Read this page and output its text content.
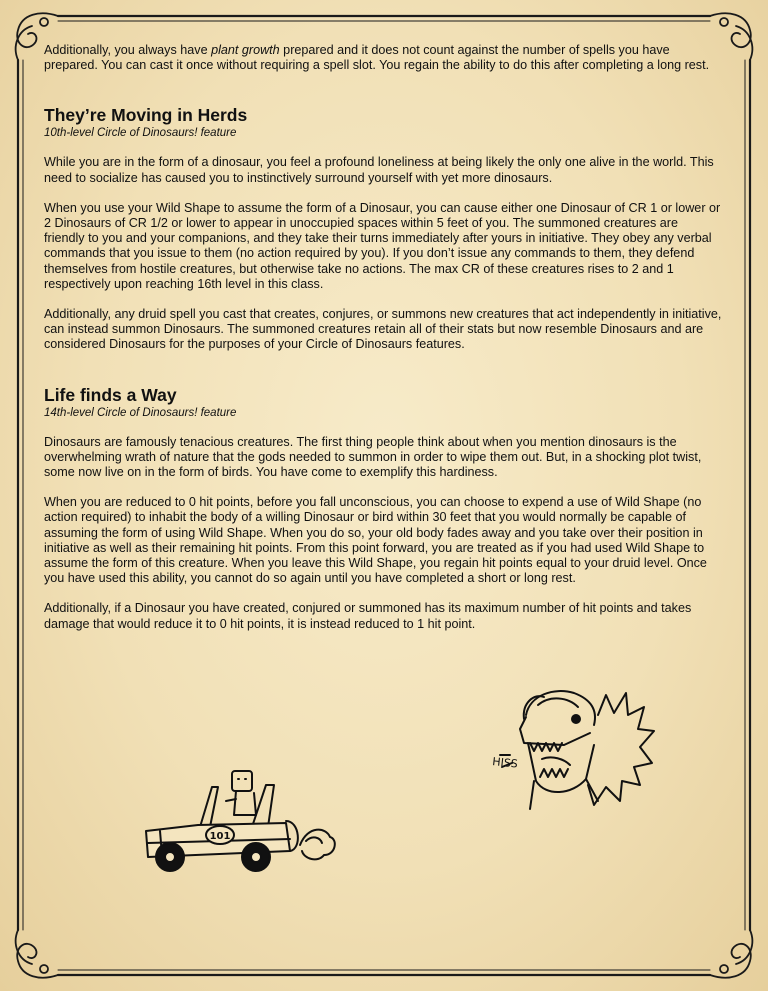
Additionally, you always have plant growth prepared and it does not count against the number of spells you have prepared. You can cast it once without requiring a spell slot. You regain the ability to do this after completing a long rest.

They’re Moving in Herds
10th-level Circle of Dinosaurs! feature

While you are in the form of a dinosaur, you feel a profound loneliness at being likely the only one alive in the world. This need to socialize has caused you to instinctively surround yourself with yet more dinosaurs.

When you use your Wild Shape to assume the form of a Dinosaur, you can cause either one Dinosaur of CR 1 or lower or 2 Dinosaurs of CR 1/2 or lower to appear in unoccupied spaces within 5 feet of you. The summoned creatures are friendly to you and your companions, and they take their turns immediately after yours in initiative. They obey any verbal commands that you issue to them (no action required by you). If you don’t issue any commands to them, they defend themselves from hostile creatures, but otherwise take no actions. The max CR of these creatures rises to 2 and 1 respectively upon reaching 16th level in this class.

Additionally, any druid spell you cast that creates, conjures, or summons new creatures that act independently in initiative, can instead summon Dinosaurs. The summoned creatures retain all of their stats but now resemble Dinosaurs and are considered Dinosaurs for the purposes of your Circle of Dinosaurs features.

Life finds a Way
14th-level Circle of Dinosaurs! feature

Dinosaurs are famously tenacious creatures. The first thing people think about when you mention dinosaurs is the overwhelming wrath of nature that the gods needed to summon in order to wipe them out. But, in a shocking plot twist, some now live on in the form of birds. You have come to exemplify this hardiness.

When you are reduced to 0 hit points, before you fall unconscious, you can choose to expend a use of Wild Shape (no action required) to inhabit the body of a willing Dinosaur or bird within 30 feet that you would normally be capable of assuming the form of using Wild Shape. When you do so, your old body fades away and you take over their position in initiative as well as their remaining hit points. From this point forward, you are treated as if you had used Wild Shape to assume the form of this creature. When you leave this Wild Shape, you regain hit points equal to your druid level. Once you have used this ability, you cannot do so again until you have completed a short or long rest.

Additionally, if a Dinosaur you have created, conjured or summoned has its maximum number of hit points and takes damage that would reduce it to 0 hit points, it is instead reduced to 1 hit point.

101
HISS
